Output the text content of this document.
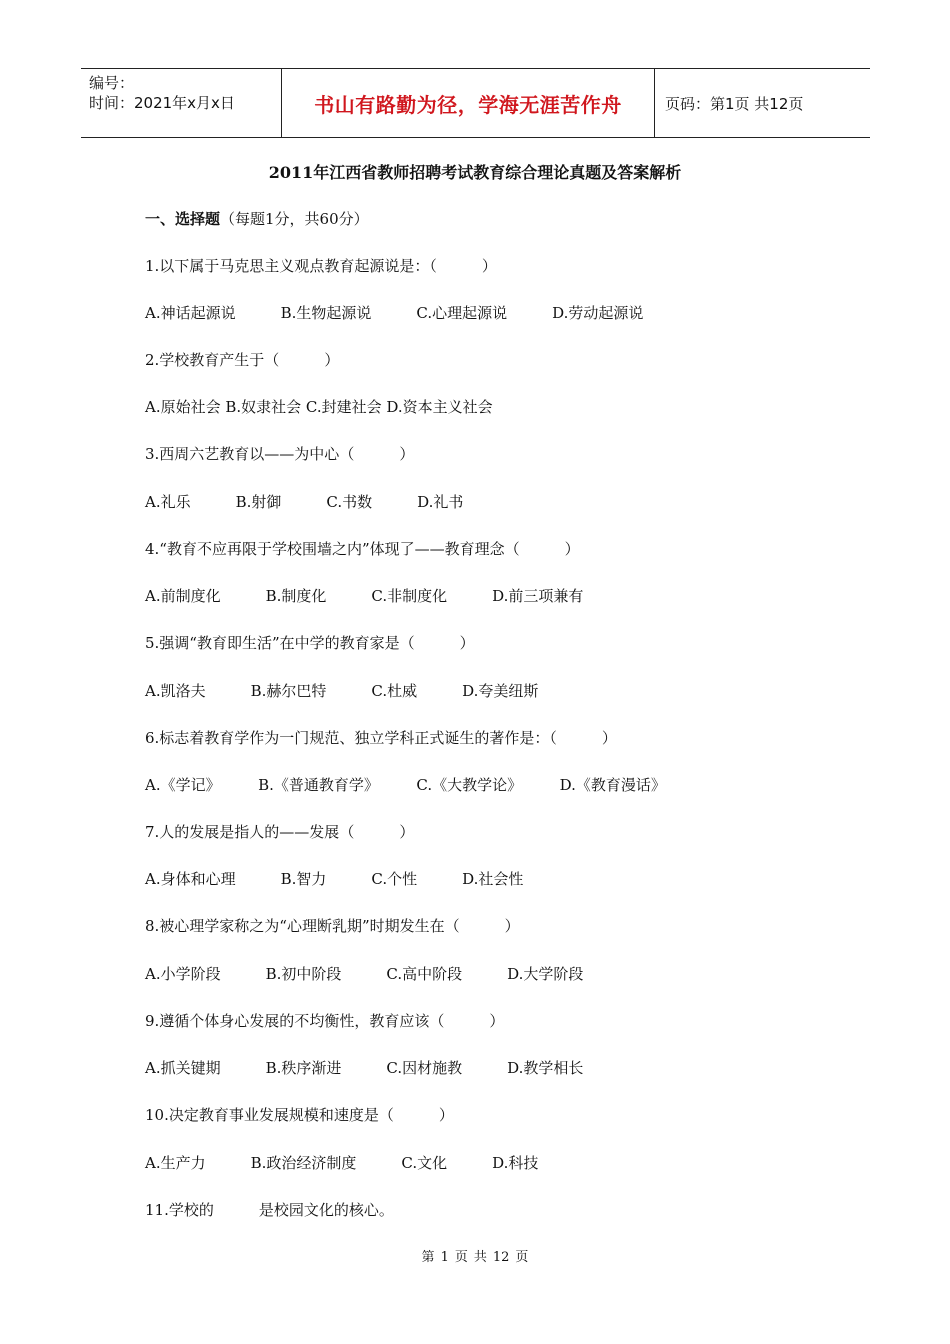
编号：
时间：2021年x月x日	书山有路勤为径，学海无涯苦作舟	页码：第1页 共12页
2011年江西省教师招聘考试教育综合理论真题及答案解析
一、选择题（每题1分，共60分）
1.以下属于马克思主义观点教育起源说是：（　　　）
A.神话起源说　　　B.生物起源说　　　C.心理起源说　　　D.劳动起源说
2.学校教育产生于（　　　）
A.原始社会 B.奴隶社会 C.封建社会 D.资本主义社会
3.西周六艺教育以——为中心（　　　）
A.礼乐　　　B.射御　　　C.书数　　　D.礼书
4.“教育不应再限于学校围墙之内”体现了——教育理念（　　　）
A.前制度化　　　B.制度化　　　C.非制度化　　　D.前三项兼有
5.强调“教育即生活”在中学的教育家是（　　　）
A.凯洛夫　　　B.赫尔巴特　　　C.杜威　　　D.夸美纽斯
6.标志着教育学作为一门规范、独立学科正式诞生的著作是：（　　　）
A.《学记》　　　B.《普通教育学》　　　C.《大教学论》　　　D.《教育漫话》
7.人的发展是指人的——发展（　　　）
A.身体和心理　　　B.智力　　　C.个性　　　D.社会性
8.被心理学家称之为“心理断乳期”时期发生在（　　　）
A.小学阶段　　　B.初中阶段　　　C.高中阶段　　　D.大学阶段
9.遵循个体身心发展的不均衡性，教育应该（　　　）
A.抓关键期　　　B.秩序渐进　　　C.因材施教　　　D.教学相长
10.决定教育事业发展规模和速度是（　　　）
A.生产力　　　B.政治经济制度　　　C.文化　　　D.科技
11.学校的　　　是校园文化的核心。
第 1 页 共 12 页
